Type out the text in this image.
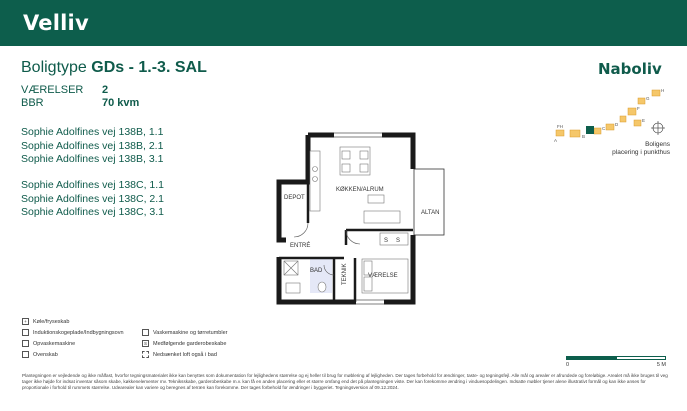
Velliv
Boligtype GDs - 1.-3. SAL
VÆRELSER 2
BBR	70 kvm
Sophie Adolfines vej 138B, 1.1
Sophie Adolfines vej 138B, 2.1
Sophie Adolfines vej 138B, 3.1
Sophie Adolfines vej 138C, 1.1
Sophie Adolfines vej 138C, 2.1
Sophie Adolfines vej 138C, 3.1
Naboliv
H
G
F
E
D
C
B
A
FH
Boligens
placering i punkthus
KØKKEN/ALRUM
DEPOT
ALTAN
ENTRÉ
BAD
VÆRELSE
S S
TEKNIK
+	Køle/fryseskab
Induktionskogeplade/Indbygningsovn
Opvaskemaskine
Ovenskab
Vaskemaskine og tørretumbler
S	Medfølgende garderobeskabe
Nedsænket loft også i bad
0	5 M
Plantegningen er vejledende og ikke målfast, hvorfor tegningsmaterialet ikke kan benyttes som dokumentation for lejlighedens størrelse og ej heller til brug for møblering af lejligheden. Der tages forbehold for ændringer, taste- og tegningsfejl. Alle mål og arealer er afrundede og foreløbige. Arealet må ikke bruges til veg tager ikke højde for indsat inventar såsom skabe, køkkenelementer mv. Tekniksskabe, garderobeskabe m.v. kan få en anden placering eller et større omfang end det på plantegningen viste. Der kan forekomme ændring i vinduesopdelingen. Indsatte møbler tjener alene illustrativt formål og kan ikke anses for proportionale i forhold til rummets størrelse. Udearealer kan variere og beregnes af terræn kan forekomme. Der tages forbehold for ændringer i byggeriet. Tegningsversion af 09.12.2024.
